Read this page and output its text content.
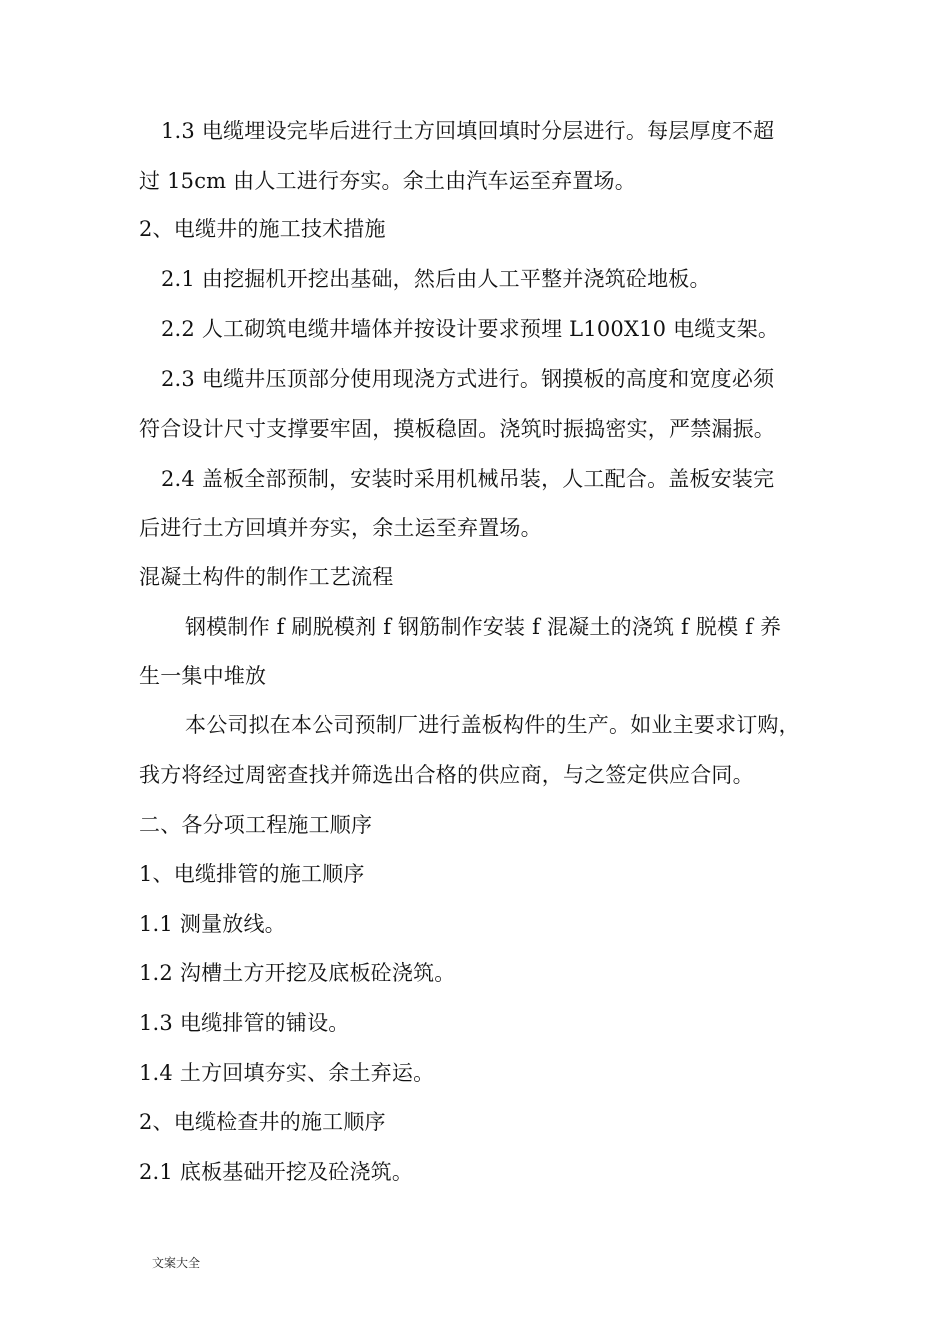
1.3 电缆埋设完毕后进行土方回填回填时分层进行。每层厚度不超
过 15cm 由人工进行夯实。余土由汽车运至弃置场。
2、电缆井的施工技术措施
2.1 由挖掘机开挖出基础，然后由人工平整并浇筑砼地板。
2.2 人工砌筑电缆井墙体并按设计要求预埋 L100X10 电缆支架。
2.3 电缆井压顶部分使用现浇方式进行。钢摸板的高度和宽度必须
符合设计尺寸支撑要牢固，摸板稳固。浇筑时振捣密实，严禁漏振。
2.4 盖板全部预制，安装时采用机械吊装，人工配合。盖板安装完
后进行土方回填并夯实，余土运至弃置场。
混凝土构件的制作工艺流程
钢模制作 f 刷脱模剂 f 钢筋制作安装 f 混凝土的浇筑 f 脱模 f 养
生一集中堆放
本公司拟在本公司预制厂进行盖板构件的生产。如业主要求订购，
我方将经过周密查找并筛选出合格的供应商，与之签定供应合同。
二、各分项工程施工顺序
1、电缆排管的施工顺序
1.1 测量放线。
1.2 沟槽土方开挖及底板砼浇筑。
1.3 电缆排管的铺设。
1.4 土方回填夯实、余土弃运。
2、电缆检查井的施工顺序
2.1 底板基础开挖及砼浇筑。
文案大全
